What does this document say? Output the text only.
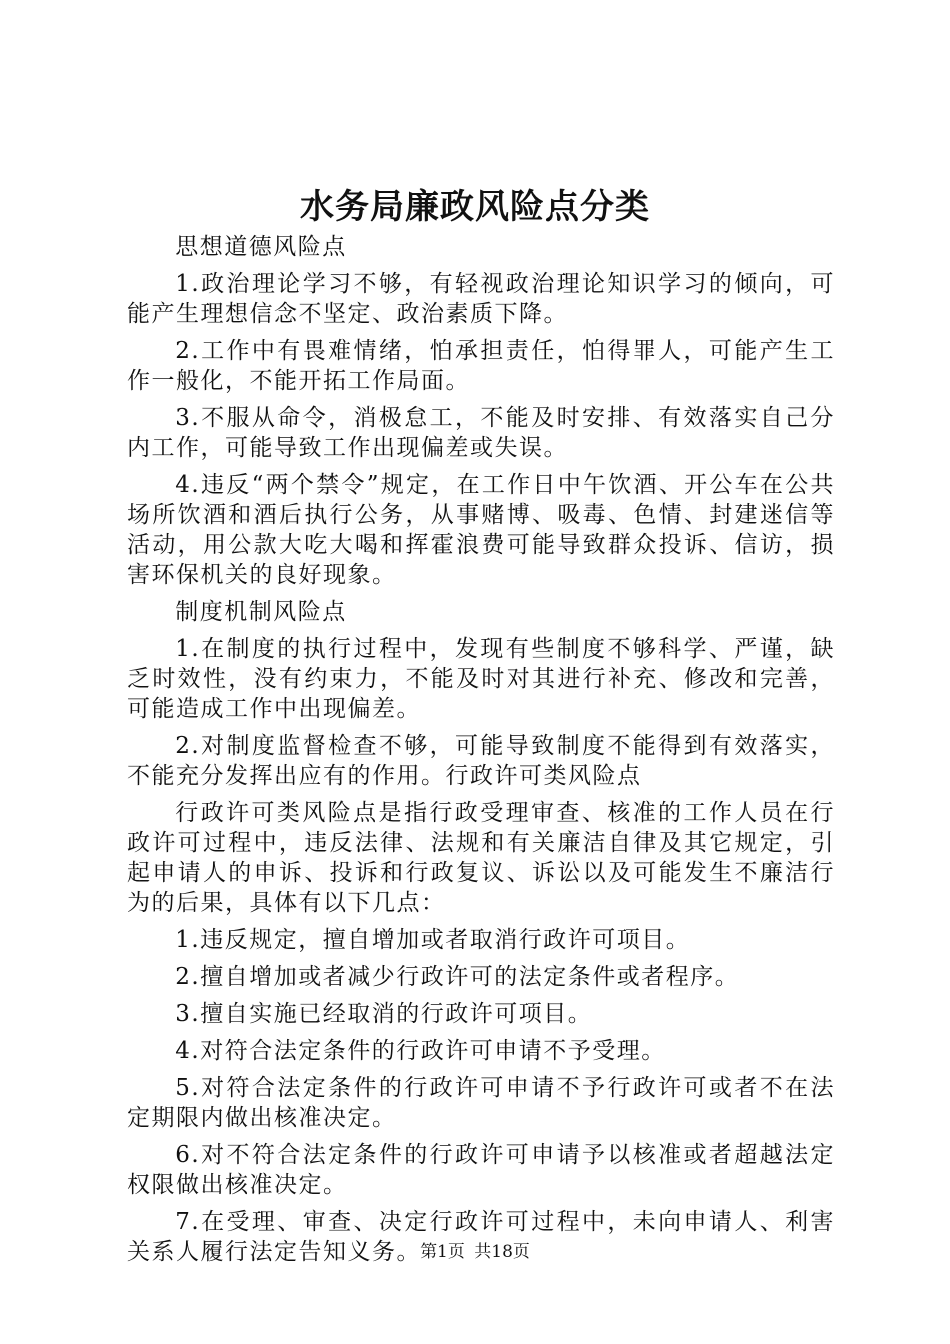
水务局廉政风险点分类

思想道德风险点

1.政治理论学习不够，有轻视政治理论知识学习的倾向，可能产生理想信念不坚定、政治素质下降。

2.工作中有畏难情绪，怕承担责任，怕得罪人，可能产生工作一般化，不能开拓工作局面。

3.不服从命令，消极怠工，不能及时安排、有效落实自己分内工作，可能导致工作出现偏差或失误。

4.违反“两个禁令”规定，在工作日中午饮酒、开公车在公共场所饮酒和酒后执行公务，从事赌博、吸毒、色情、封建迷信等活动，用公款大吃大喝和挥霍浪费可能导致群众投诉、信访，损害环保机关的良好现象。

制度机制风险点

1.在制度的执行过程中，发现有些制度不够科学、严谨，缺乏时效性，没有约束力，不能及时对其进行补充、修改和完善，可能造成工作中出现偏差。

2.对制度监督检查不够，可能导致制度不能得到有效落实，不能充分发挥出应有的作用。行政许可类风险点

行政许可类风险点是指行政受理审查、核准的工作人员在行政许可过程中，违反法律、法规和有关廉洁自律及其它规定，引起申请人的申诉、投诉和行政复议、诉讼以及可能发生不廉洁行为的后果，具体有以下几点：

1.违反规定，擅自增加或者取消行政许可项目。

2.擅自增加或者减少行政许可的法定条件或者程序。

3.擅自实施已经取消的行政许可项目。

4.对符合法定条件的行政许可申请不予受理。

5.对符合法定条件的行政许可申请不予行政许可或者不在法定期限内做出核准决定。

6.对不符合法定条件的行政许可申请予以核准或者超越法定权限做出核准决定。

7.在受理、审查、决定行政许可过程中，未向申请人、利害关系人履行法定告知义务。 第1页 共18页
